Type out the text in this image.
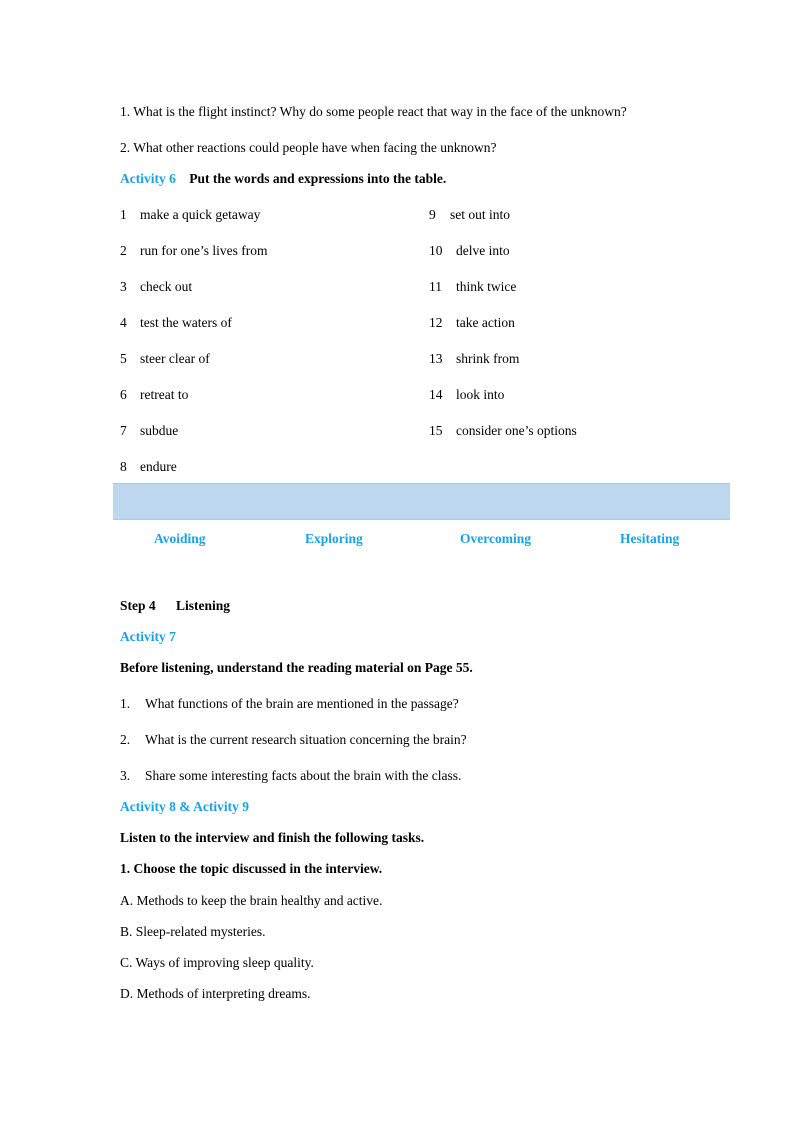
1. What is the flight instinct? Why do some people react that way in the face of the unknown?
2. What other reactions could people have when facing the unknown?
Activity 6 Put the words and expressions into the table.
1 make a quick getaway
2 run for one’s lives from
3 check out
4 test the waters of
5 steer clear of
6 retreat to
7 subdue
8 endure
9 set out into
10 delve into
11 think twice
12 take action
13 shrink from
14 look into
15 consider one’s options
Avoiding	Exploring	Overcoming	Hesitating
Step 4 Listening
Activity 7
Before listening, understand the reading material on Page 55.
1. What functions of the brain are mentioned in the passage?
2. What is the current research situation concerning the brain?
3. Share some interesting facts about the brain with the class.
Activity 8 & Activity 9
Listen to the interview and finish the following tasks.
1. Choose the topic discussed in the interview.
A. Methods to keep the brain healthy and active.
B. Sleep-related mysteries.
C. Ways of improving sleep quality.
D. Methods of interpreting dreams.
